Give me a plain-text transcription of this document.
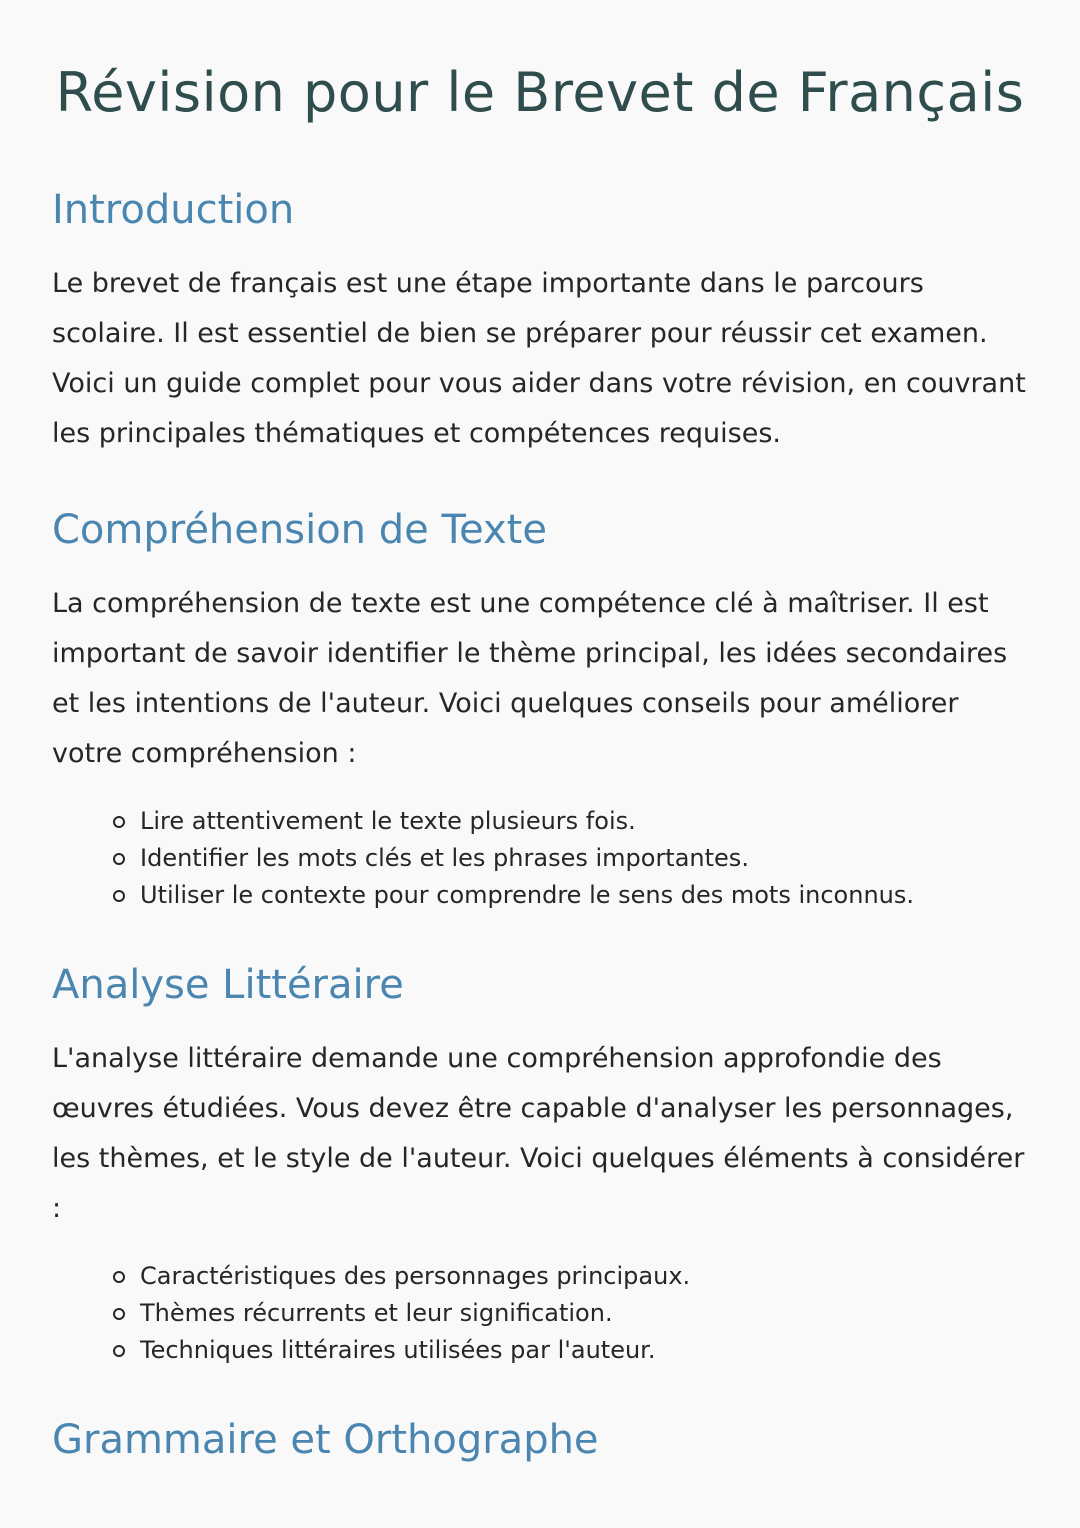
Révision pour le Brevet de Français
Introduction

Le brevet de français est une étape importante dans le parcours scolaire. Il est essentiel de bien se préparer pour réussir cet examen. Voici un guide complet pour vous aider dans votre révision, en couvrant les principales thématiques et compétences requises.

Compréhension de Texte

La compréhension de texte est une compétence clé à maîtriser. Il est important de savoir identifier le thème principal, les idées secondaires et les intentions de l'auteur. Voici quelques conseils pour améliorer votre compréhension :

Lire attentivement le texte plusieurs fois.
Identifier les mots clés et les phrases importantes.
Utiliser le contexte pour comprendre le sens des mots inconnus.
Analyse Littéraire

L'analyse littéraire demande une compréhension approfondie des œuvres étudiées. Vous devez être capable d'analyser les personnages, les thèmes, et le style de l'auteur. Voici quelques éléments à considérer :

Caractéristiques des personnages principaux.
Thèmes récurrents et leur signification.
Techniques littéraires utilisées par l'auteur.
Grammaire et Orthographe
